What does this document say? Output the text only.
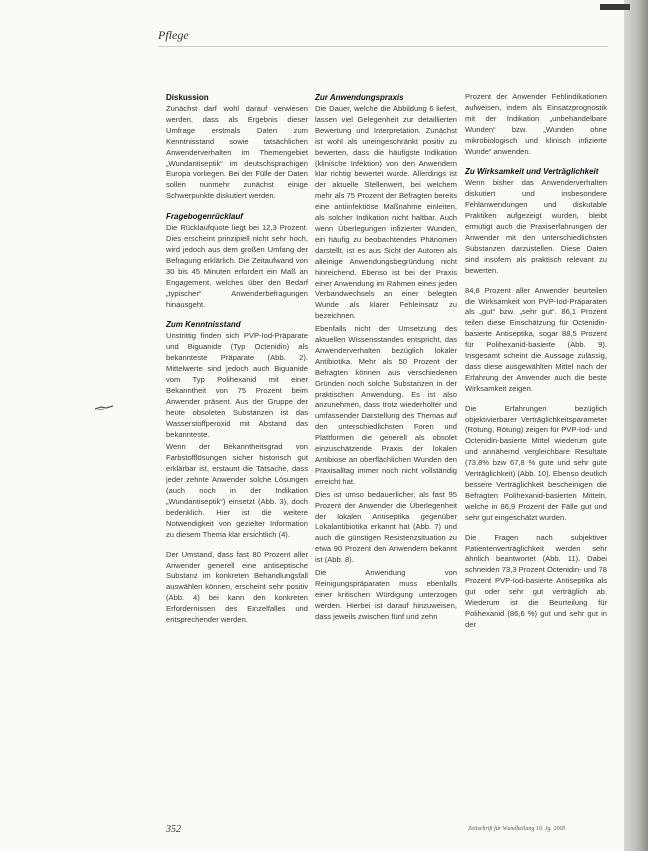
Pflege
Diskussion

Zunächst darf wohl darauf verwiesen werden, dass als Ergebnis dieser Umfrage erstmals Daten zum Kenntnisstand sowie tatsächlichen Anwenderverhalten im Themengebiet „Wundantiseptik“ im deutschsprachigen Europa vorliegen. Bei der Fülle der Daten sollen nunmehr zunächst einige Schwerpunkte diskutiert werden.

Fragebogenrücklauf

Die Rücklaufquote liegt bei 12,3 Prozent. Dies erscheint prinzipiell nicht sehr hoch, wird jedoch aus dem großen Umfang der Befragung erklärlich. Die Zeitaufwand von 30 bis 45 Minuten erfordert ein Maß an Engagement, welches über den Bedarf „typischer“ Anwenderbefragungen hinausgeht.

Zum Kenntnisstand

Unstrittig finden sich PVP-Iod-Präparate und Biguanide (Typ Octenidin) als bekannteste Präparate (Abb. 2). Mittelwerte sind jedoch auch Biguanide vom Typ Polihexanid mit einer Bekanntheit von 75 Prozent beim Anwender präsent. Aus der Gruppe der heute obsoleten Substanzen ist das Wasserstoffperoxid mit Abstand das bekannteste.

Wenn der Bekanntheitsgrad von Farbstofflösungen sicher historisch gut erklärbar ist, erstaunt die Tatsache, dass jeder zehnte Anwender solche Lösungen (auch noch in der Indikation „Wundantiseptik“) einsetzt (Abb. 3), doch bedenklich. Hier ist die weitere Notwendigkeit von gezielter Information zu diesem Thema klar ersichtlich (4).

Der Umstand, dass fast 80 Prozent aller Anwender generell eine antiseptische Substanz im konkreten Behandlungsfall auswählen können, erscheint sehr positiv (Abb. 4) bei kann den konkreten Erfordernissen des Einzelfalles und entsprechender werden.

Zur Anwendungspraxis

Die Dauer, welche die Abbildung 6 liefert, lassen viel Gelegenheit zur detaillierten Bewertung und Interpretation. Zunächst ist wohl als uneingeschränkt positiv zu bewerten, dass die häufigste Indikation (klinische Infektion) von den Anwendern klar richtig bewertet wurde. Allerdings ist der aktuelle Stellenwert, bei welchem mehr als 75 Prozent der Befragten bereits eine antiinfektiöse Maßnahme einleiten, als solcher Indikation nicht haltbar. Auch wenn Überlegungen infizierter Wunden, ein häufig zu beobachtendes Phänomen darstellt, ist es aus Sicht der Autoren als alleinige Anwendungsbegründung nicht hinreichend. Ebenso ist bei der Praxis einer Anwendung im Rahmen eines jeden Verbandwechsels an einer belegten Wunde als klarer Fehleinsatz zu bezeichnen.

Ebenfalls nicht der Umsetzung des aktuellen Wissensstandes entspricht, das Anwenderverhalten bezüglich lokaler Antibiotika. Mehr als 50 Prozent der Befragten können aus verschiedenen Gründen noch solche Substanzen in der praktischen Anwendung. Es ist also anzunehmen, dass trotz wiederholter und umfassender Darstellung des Themas auf den unterschiedlichsten Foren und Plattformen die generell als obsolet einzuschätzende Praxis der lokalen Antibiose an oberflächlichen Wunden den Praxisalltag immer noch nicht vollständig erreicht hat.

Dies ist umso bedauerlicher, als fast 95 Prozent der Anwender die Überlegenheit der lokalen Antiseptika gegenüber Lokalantibiotika erkannt hat (Abb. 7) und auch die günstigen Resistenzsituation zu etwa 90 Prozent den Anwendern bekannt ist (Abb. 8).

Die Anwendung von Reinigungspräparaten muss ebenfalls einer kritischen Würdigung unterzogen werden. Hierbei ist darauf hinzuweisen, dass jeweils zwischen fünf und zehn

Prozent der Anwender Fehlindikationen aufweisen, indem als Einsatzprognostik mit der Indikation „unbehandelbare Wunden“ bzw. „Wunden ohne mikrobiologisch und klinisch infizierte Wunde“ anwenden.

Zu Wirksamkeit und Verträglichkeit

Wenn bisher das Anwenderverhalten diskutiert und insbesondere Fehlanwendungen und diskutable Praktiken aufgezeigt wurden, bleibt ermutigt auch die Praxiserfahrungen der Anwender mit den unterschiedlichsten Substanzen darzustellen. Diese Daten sind insofern als praktisch relevant zu bewerten.

84,8 Prozent aller Anwender beurteilen die Wirksamkeit von PVP-Iod-Präparaten als „gut“ bzw. „sehr gut“. 86,1 Prozent teilen diese Einschätzung für Octenidin-basierte Antiseptika, sogar 88,5 Prozent für Polihexanid-basierte (Abb. 9). Insgesamt scheint die Aussage zulässig, dass diese ausgewählten Mittel nach der Erfahrung der Anwender auch die beste Wirksamkeit zeigen.

Die Erfahrungen bezüglich objektivierbarer Verträglichkeitsparameter (Rötung, Rötung) zeigen für PVP-Iod- und Octenidin-basierte Mittel wiederum gute und annähernd vergleichbare Resultate (73,8% bzw 67,8 % gute und sehr gute Verträglichkeit) (Abb. 10). Ebenso deutlich bessere Verträglichkeit bescheinigen die Befragten Polihexanid-basierten Mitteln, welche in 86,9 Prozent der Fälle gut und sehr gut eingeschätzt wurden.

Die Fragen nach subjektiver Patientenverträglichkeit werden sehr ähnlich beantwortet (Abb. 11). Dabei schneiden 73,3 Prozent Octenidin- und 78 Prozent PVP-Iod-basierte Antiseptika als gut oder sehr gut verträglich ab. Wiederum ist die Beurteilung für Polihexanid (86,6 %) gut und sehr gut in der

352	Zeitschrift für Wundheilung 10. Jg. 2005
